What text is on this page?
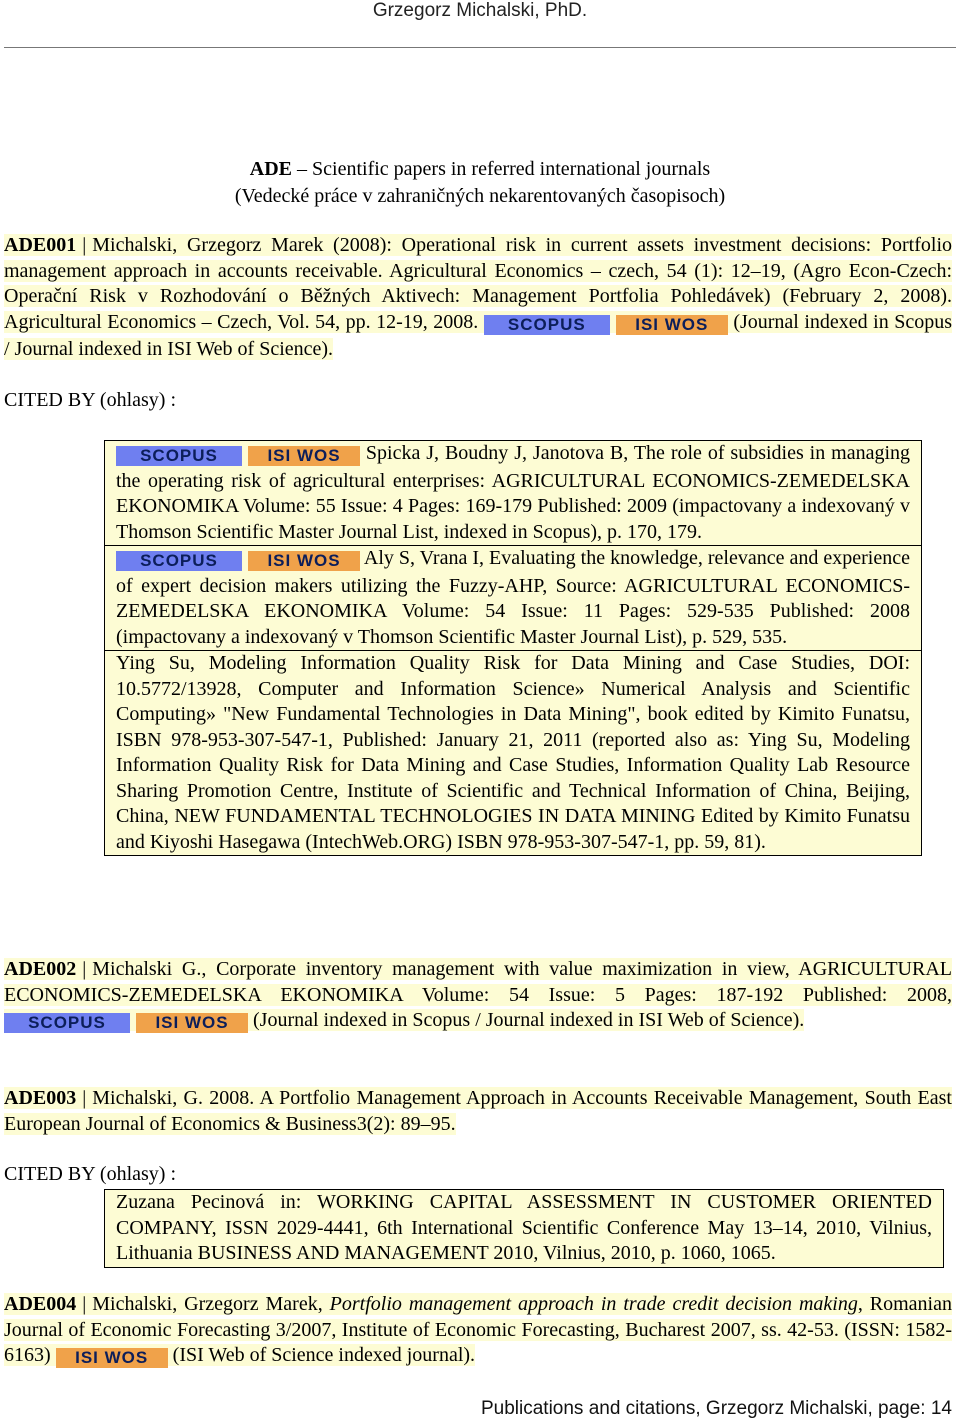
Grzegorz Michalski, PhD.
ADE – Scientific papers in referred international journals
(Vedecké práce v zahraničných nekarentovaných časopisoch)
ADE001 | Michalski, Grzegorz Marek (2008): Operational risk in current assets investment decisions: Portfolio management approach in accounts receivable. Agricultural Economics – czech, 54 (1): 12–19, (Agro Econ-Czech: Operační Risk v Rozhodování o Běžných Aktivech: Management Portfolia Pohledávek) (February 2, 2008). Agricultural Economics – Czech, Vol. 54, pp. 12-19, 2008. SCOPUS	ISI WOS (Journal indexed in Scopus / Journal indexed in ISI Web of Science).
CITED BY (ohlasy) :
SCOPUS	ISI WOS Spicka J, Boudny J, Janotova B, The role of subsidies in managing the operating risk of agricultural enterprises: AGRICULTURAL ECONOMICS-ZEMEDELSKA EKONOMIKA Volume: 55 Issue: 4 Pages: 169-179 Published: 2009 (impactovany a indexovaný v Thomson Scientific Master Journal List, indexed in Scopus), p. 170, 179.
SCOPUS	ISI WOS Aly S, Vrana I, Evaluating the knowledge, relevance and experience of expert decision makers utilizing the Fuzzy-AHP, Source: AGRICULTURAL ECONOMICS-ZEMEDELSKA EKONOMIKA Volume: 54 Issue: 11 Pages: 529-535 Published: 2008 (impactovany a indexovaný v Thomson Scientific Master Journal List), p. 529, 535.
Ying Su, Modeling Information Quality Risk for Data Mining and Case Studies, DOI: 10.5772/13928, Computer and Information Science» Numerical Analysis and Scientific Computing» "New Fundamental Technologies in Data Mining", book edited by Kimito Funatsu, ISBN 978-953-307-547-1, Published: January 21, 2011 (reported also as: Ying Su, Modeling Information Quality Risk for Data Mining and Case Studies, Information Quality Lab Resource Sharing Promotion Centre, Institute of Scientific and Technical Information of China, Beijing, China, NEW FUNDAMENTAL TECHNOLOGIES IN DATA MINING Edited by Kimito Funatsu and Kiyoshi Hasegawa (IntechWeb.ORG) ISBN 978-953-307-547-1, pp. 59, 81).
ADE002 | Michalski G., Corporate inventory management with value maximization in view, AGRICULTURAL ECONOMICS-ZEMEDELSKA EKONOMIKA Volume: 54 Issue: 5 Pages: 187-192 Published: 2008, SCOPUS	ISI WOS (Journal indexed in Scopus / Journal indexed in ISI Web of Science).
ADE003 | Michalski, G. 2008. A Portfolio Management Approach in Accounts Receivable Management, South East European Journal of Economics & Business3(2): 89–95.
CITED BY (ohlasy) :
Zuzana Pecinová in: WORKING CAPITAL ASSESSMENT IN CUSTOMER ORIENTED COMPANY, ISSN 2029-4441, 6th International Scientific Conference May 13–14, 2010, Vilnius, Lithuania BUSINESS AND MANAGEMENT 2010, Vilnius, 2010, p. 1060, 1065.
ADE004 | Michalski, Grzegorz Marek, Portfolio management approach in trade credit decision making, Romanian Journal of Economic Forecasting 3/2007, Institute of Economic Forecasting, Bucharest 2007, ss. 42-53. (ISSN: 1582-6163) ISI WOS (ISI Web of Science indexed journal).
Publications and citations, Grzegorz Michalski, page: 14
